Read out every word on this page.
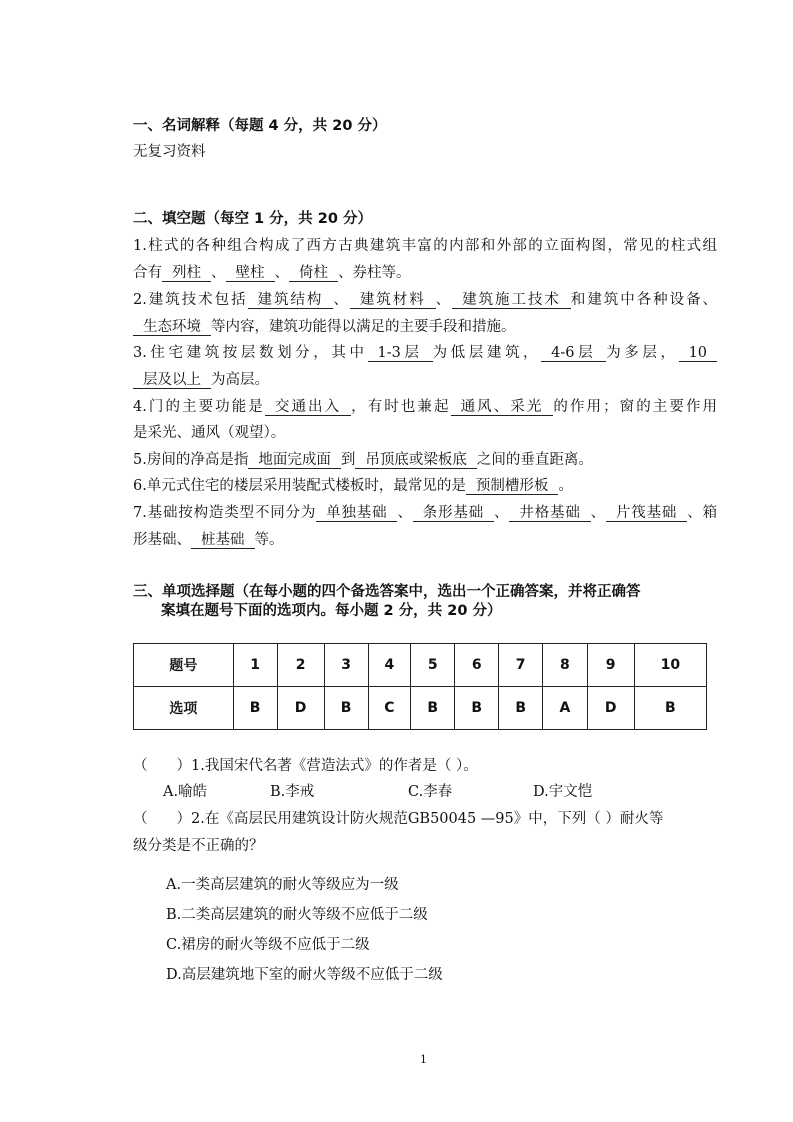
一、名词解释（每题 4 分，共 20 分）
无复习资料
二、填空题（每空 1 分，共 20 分）
1.柱式的各种组合构成了西方古典建筑丰富的内部和外部的立面构图，常见的柱式组
合有 列柱 、 壁柱 、 倚柱 、券柱等。
2.建筑技术包括 建筑结构 、 建筑材料 、 建筑施工技术 和建筑中各种设备、
生态环境 等内容，建筑功能得以满足的主要手段和措施。
3.住宅建筑按层数划分，其中 1-3层 为低层建筑， 4-6层 为多层， 10
层及以上 为高层。
4.门的主要功能是 交通出入 ，有时也兼起 通风、采光 的作用；窗的主要作用
是采光、通风（观望）。
5.房间的净高是指 地面完成面 到 吊顶底或梁板底 之间的垂直距离。
6.单元式住宅的楼层采用装配式楼板时，最常见的是 预制槽形板 。
7.基础按构造类型不同分为 单独基础 、 条形基础 、 井格基础 、 片筏基础 、箱
形基础、 桩基础 等。
三、单项选择题（在每小题的四个备选答案中，选出一个正确答案，并将正确答
案填在题号下面的选项内。每小题 2 分，共 20 分）
题号	1	2	3	4	5	6	7	8	9	10
选项	B	D	B	C	B	B	B	A	D	B
（　　）1.我国宋代名著《营造法式》的作者是（ ）。
A.喻皓	B.李戒	C.李春	D.宇文恺
（　　）2.在《高层民用建筑设计防火规范GB50045 —95》中，下列（ ）耐火等
级分类是不正确的？
A.一类高层建筑的耐火等级应为一级
B.二类高层建筑的耐火等级不应低于二级
C.裙房的耐火等级不应低于二级
D.高层建筑地下室的耐火等级不应低于二级
1
